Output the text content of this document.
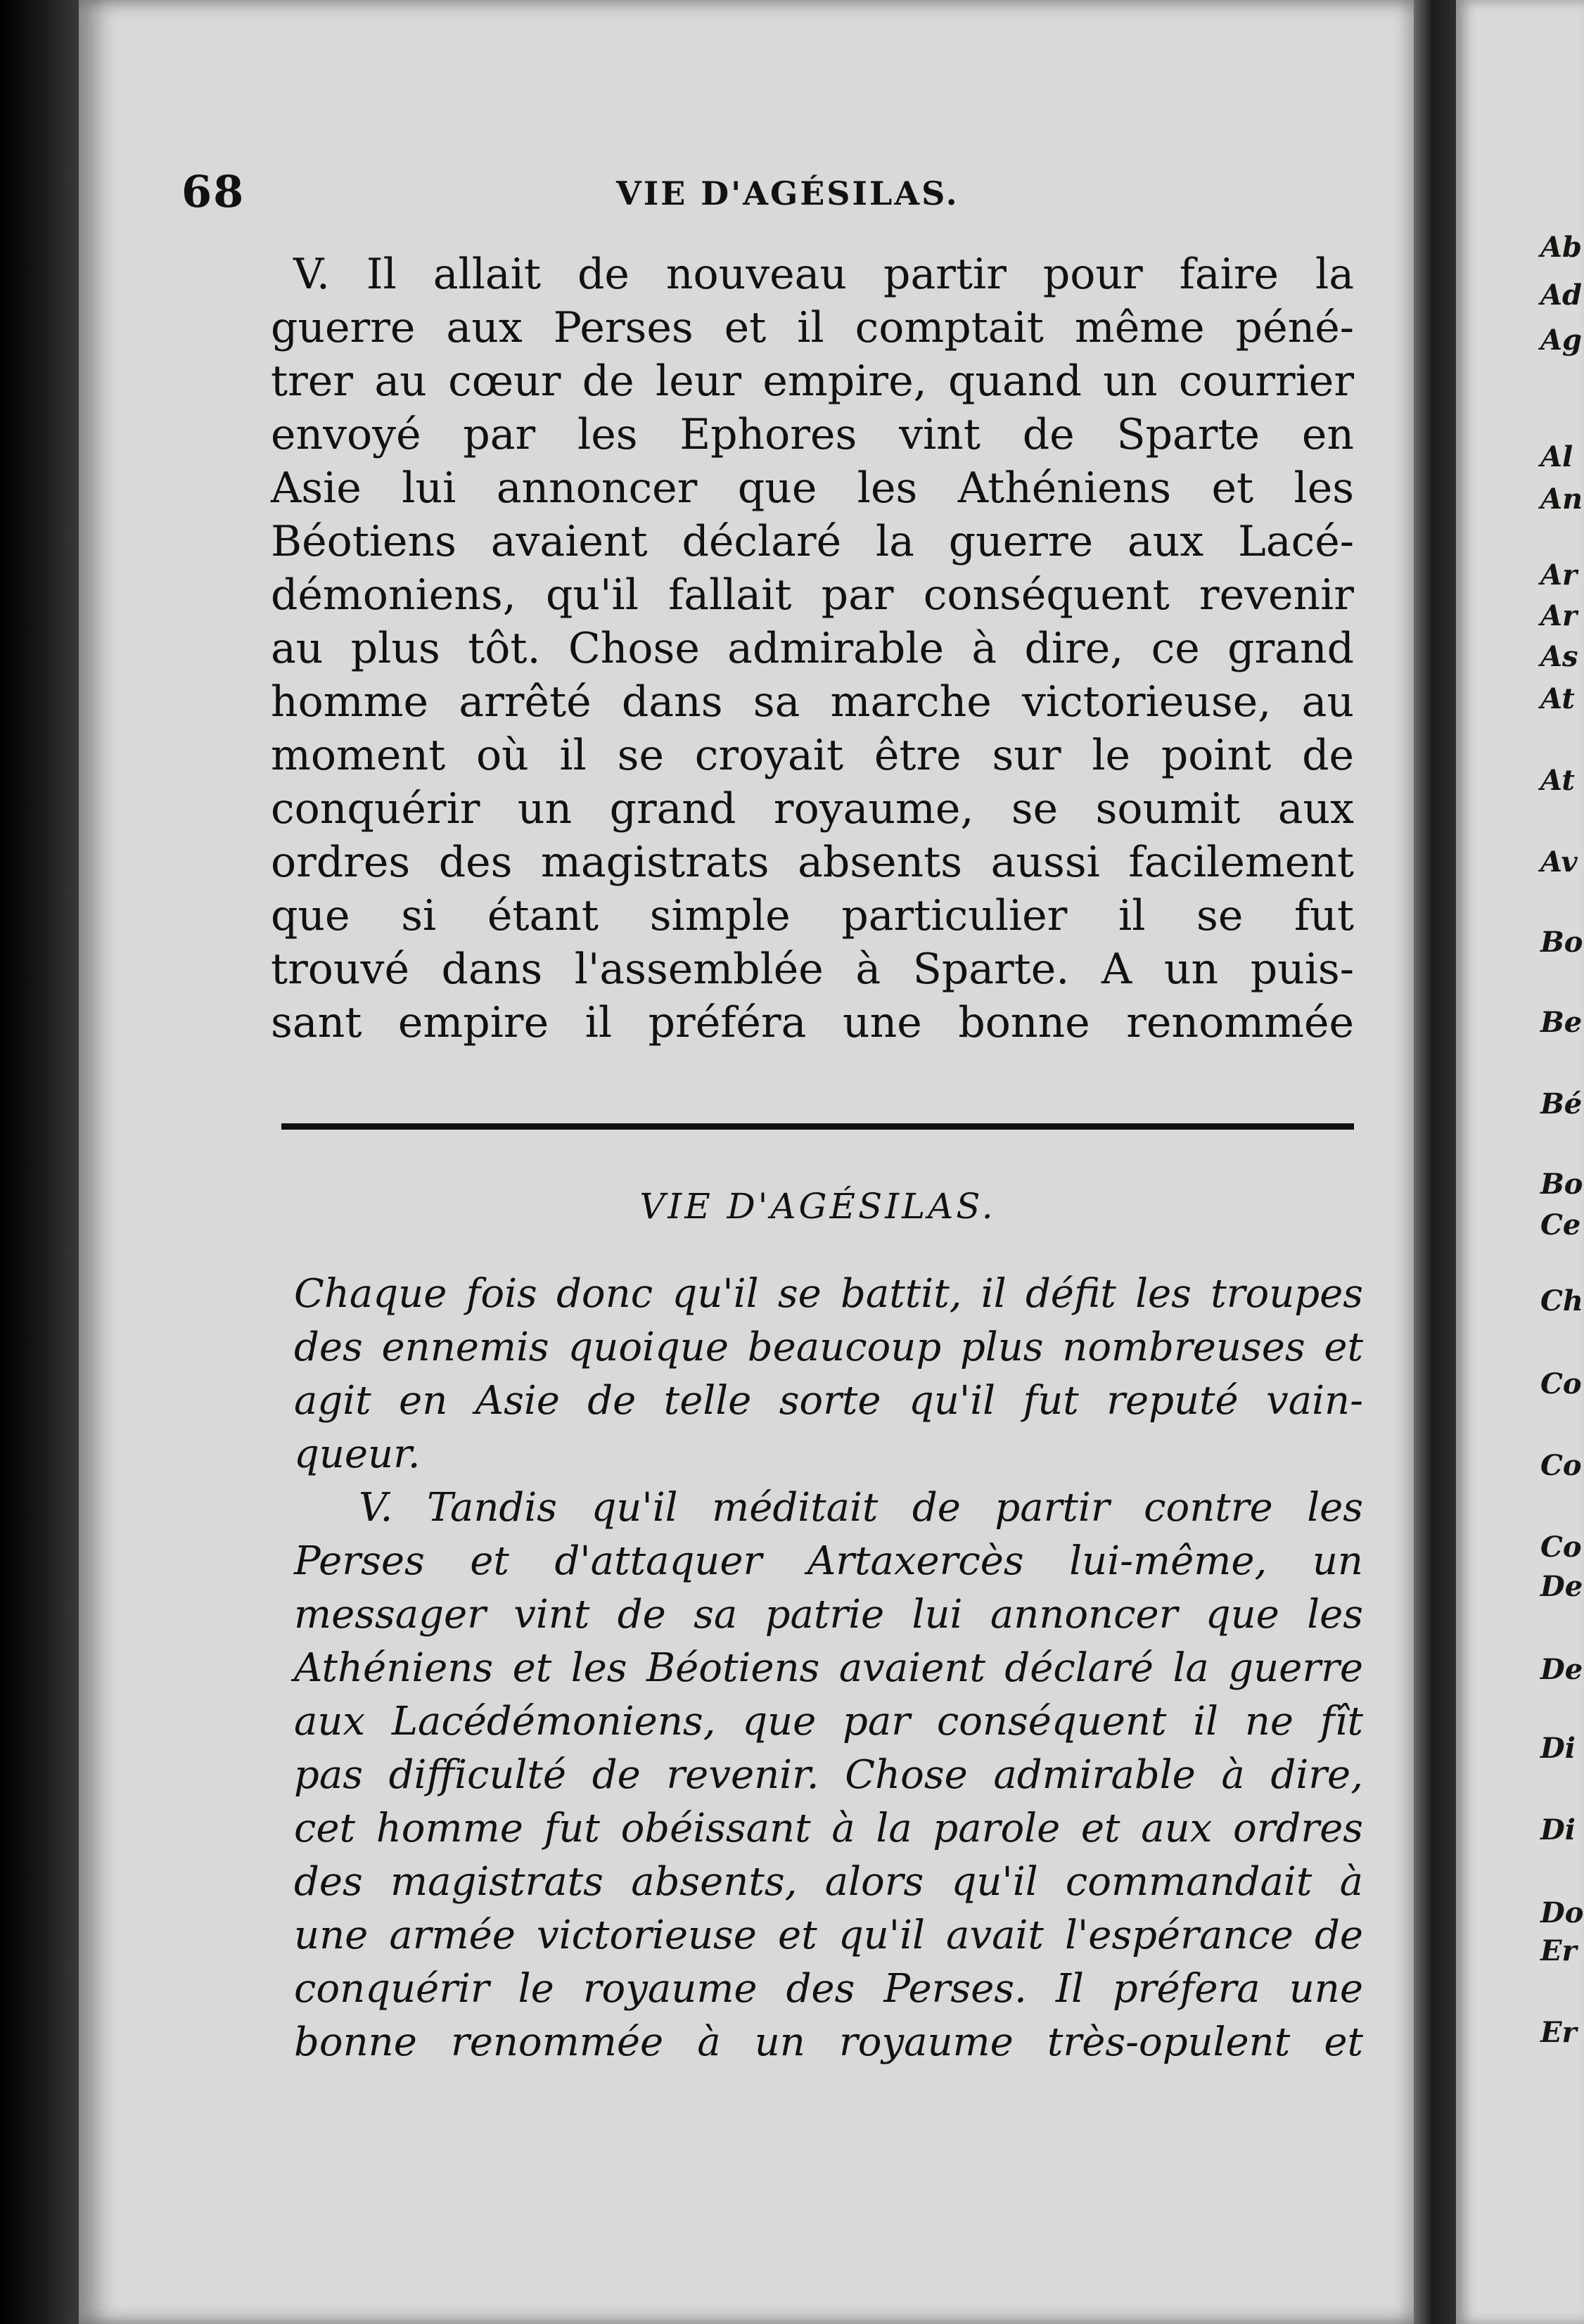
68	VIE D'AGÉSILAS.
V. Il allait de nouveau partir pour faire la
guerre aux Perses et il comptait même péné-
trer au cœur de leur empire, quand un courrier
envoyé par les Ephores vint de Sparte en
Asie lui annoncer que les Athéniens et les
Béotiens avaient déclaré la guerre aux Lacé-
démoniens, qu'il fallait par conséquent revenir
au plus tôt. Chose admirable à dire, ce grand
homme arrêté dans sa marche victorieuse, au
moment où il se croyait être sur le point de
conquérir un grand royaume, se soumit aux
ordres des magistrats absents aussi facilement
que si étant simple particulier il se fut
trouvé dans l'assemblée à Sparte. A un puis-
sant empire il préféra une bonne renommée
VIE D'AGÉSILAS.
Chaque fois donc qu'il se battit, il défit les troupes
des ennemis quoique beaucoup plus nombreuses et
agit en Asie de telle sorte qu'il fut reputé vain-
queur.
V. Tandis qu'il méditait de partir contre les
Perses et d'attaquer Artaxercès lui-même, un
messager vint de sa patrie lui annoncer que les
Athéniens et les Béotiens avaient déclaré la guerre
aux Lacédémoniens, que par conséquent il ne fît
pas difficulté de revenir. Chose admirable à dire,
cet homme fut obéissant à la parole et aux ordres
des magistrats absents, alors qu'il commandait à
une armée victorieuse et qu'il avait l'espérance de
conquérir le royaume des Perses. Il préfera une
bonne renommée à un royaume très-opulent et
Ab
Ad
Ag
Al
An
Ar
Ar
As
At
At
Av
Bo
Be
Bé
Bo
Ce
Ch
Co
Co
Co
De
De
Di
Di
Do
Er
Er
